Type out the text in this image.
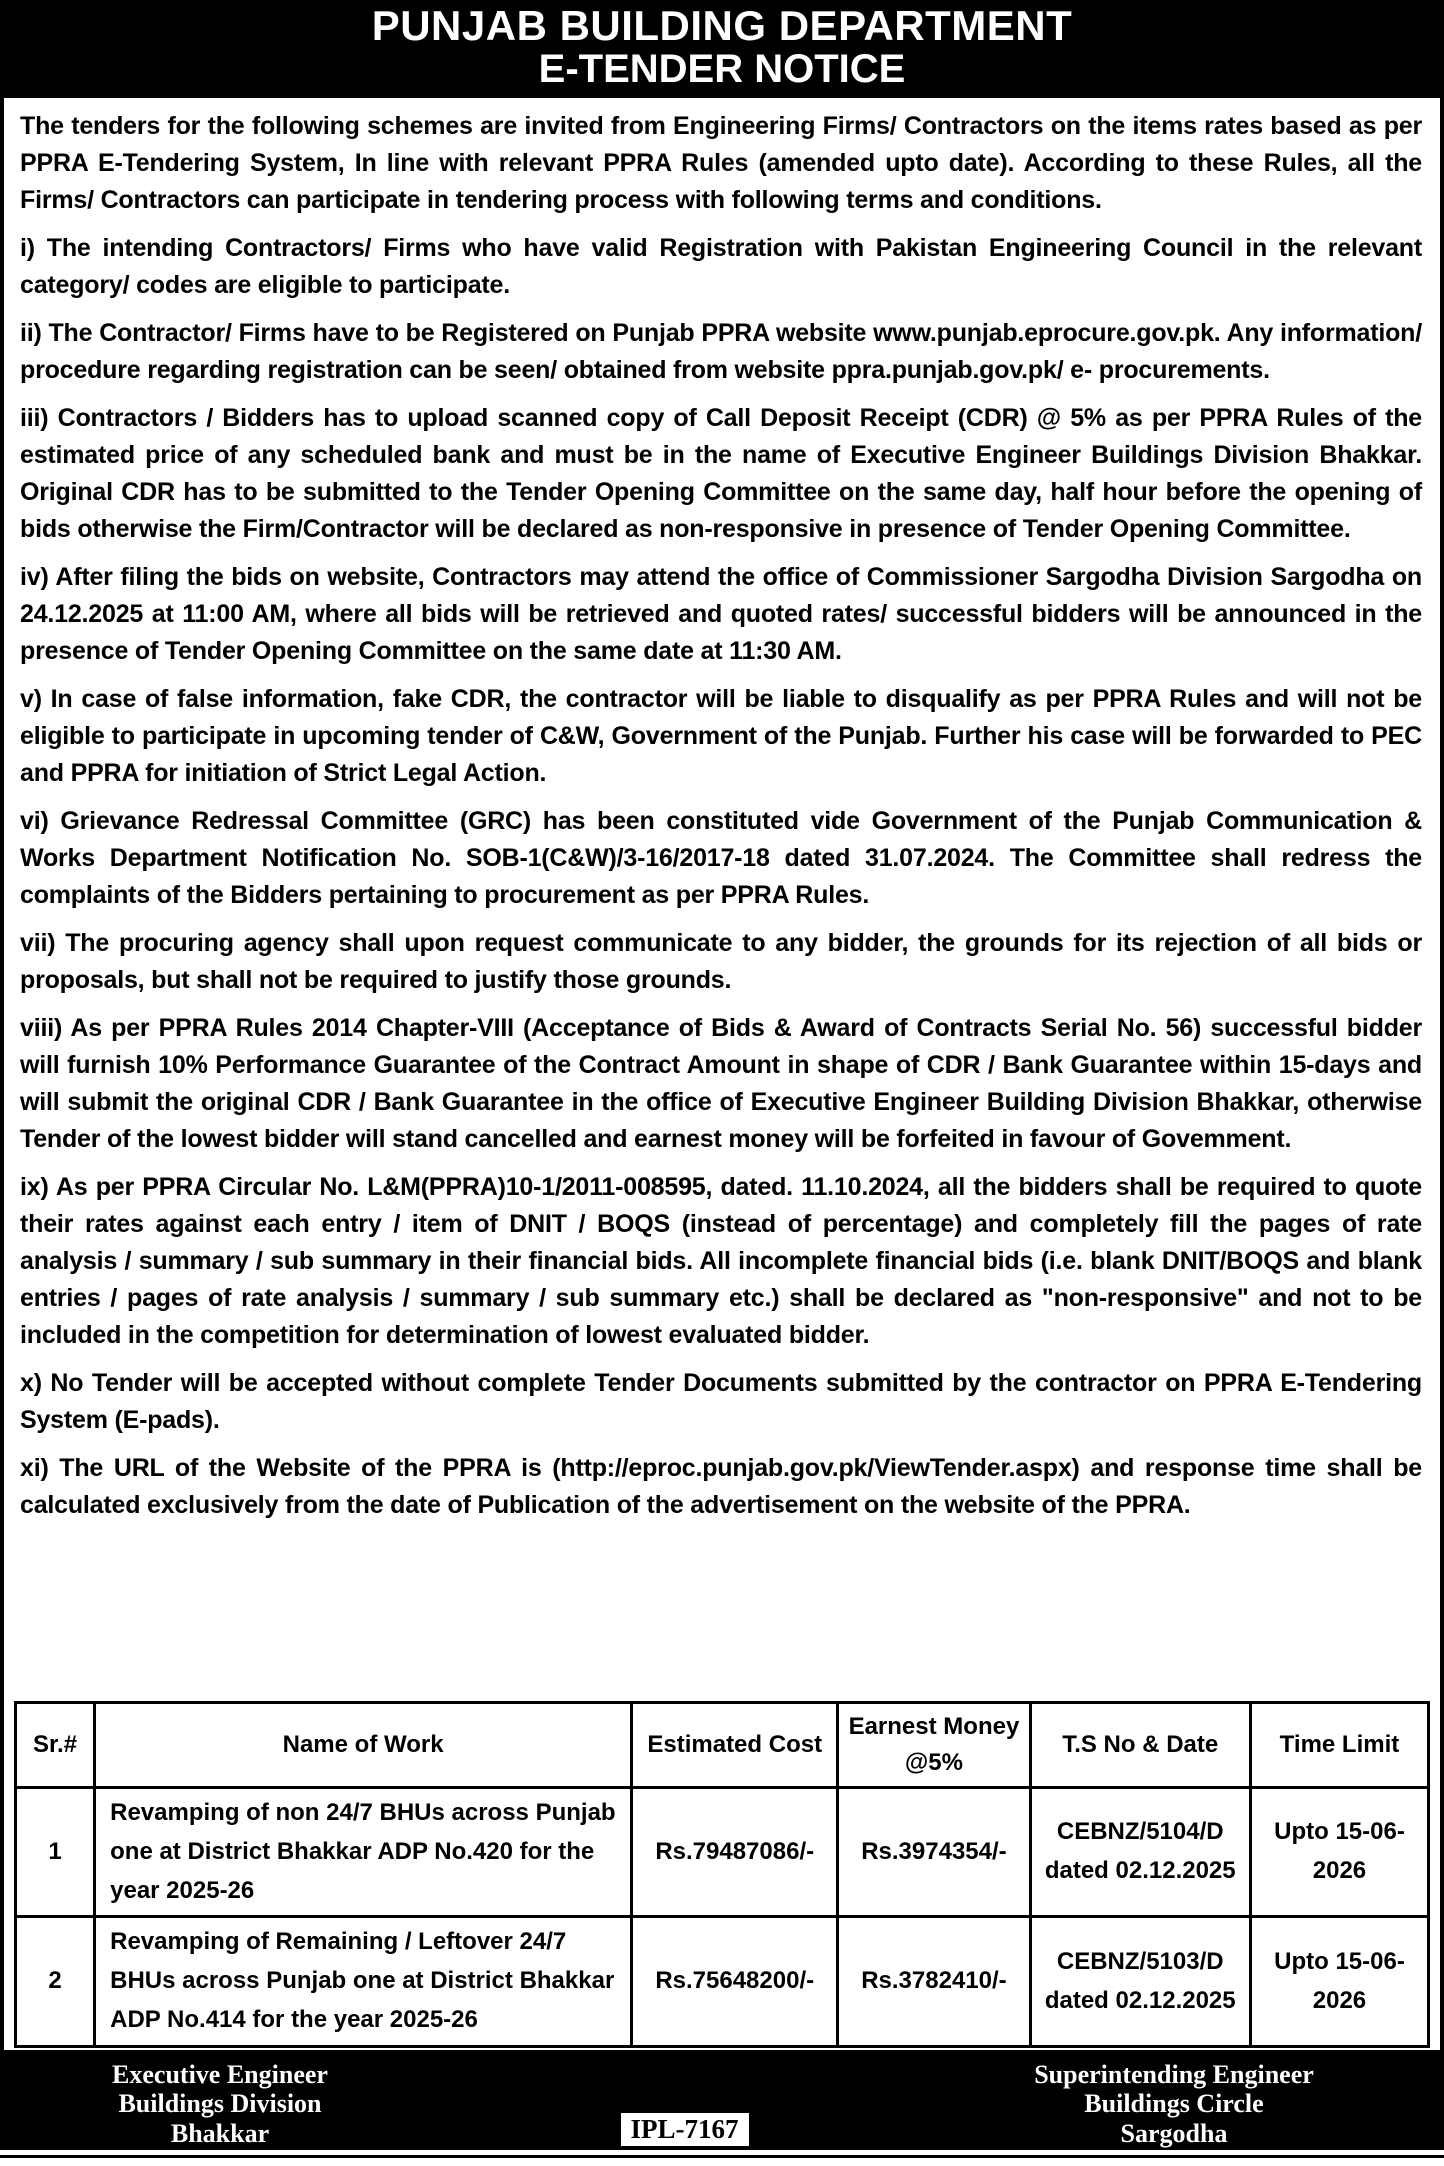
PUNJAB BUILDING DEPARTMENT
E-TENDER NOTICE

The tenders for the following schemes are invited from Engineering Firms/ Contractors on the items rates based as per PPRA E-Tendering System, In line with relevant PPRA Rules (amended upto date). According to these Rules, all the Firms/ Contractors can participate in tendering process with following terms and conditions.

i) The intending Contractors/ Firms who have valid Registration with Pakistan Engineering Council in the relevant category/ codes are eligible to participate.

ii) The Contractor/ Firms have to be Registered on Punjab PPRA website www.punjab.eprocure.gov.pk. Any information/ procedure regarding registration can be seen/ obtained from website ppra.punjab.gov.pk/ e- procurements.

iii) Contractors / Bidders has to upload scanned copy of Call Deposit Receipt (CDR) @ 5% as per PPRA Rules of the estimated price of any scheduled bank and must be in the name of Executive Engineer Buildings Division Bhakkar. Original CDR has to be submitted to the Tender Opening Committee on the same day, half hour before the opening of bids otherwise the Firm/Contractor will be declared as non-responsive in presence of Tender Opening Committee.

iv) After filing the bids on website, Contractors may attend the office of Commissioner Sargodha Division Sargodha on 24.12.2025 at 11:00 AM, where all bids will be retrieved and quoted rates/ successful bidders will be announced in the presence of Tender Opening Committee on the same date at 11:30 AM.

v) In case of false information, fake CDR, the contractor will be liable to disqualify as per PPRA Rules and will not be eligible to participate in upcoming tender of C&W, Government of the Punjab. Further his case will be forwarded to PEC and PPRA for initiation of Strict Legal Action.

vi) Grievance Redressal Committee (GRC) has been constituted vide Government of the Punjab Communication & Works Department Notification No. SOB-1(C&W)/3-16/2017-18 dated 31.07.2024. The Committee shall redress the complaints of the Bidders pertaining to procurement as per PPRA Rules.

vii) The procuring agency shall upon request communicate to any bidder, the grounds for its rejection of all bids or proposals, but shall not be required to justify those grounds.

viii) As per PPRA Rules 2014 Chapter-VIII (Acceptance of Bids & Award of Contracts Serial No. 56) successful bidder will furnish 10% Performance Guarantee of the Contract Amount in shape of CDR / Bank Guarantee within 15-days and will submit the original CDR / Bank Guarantee in the office of Executive Engineer Building Division Bhakkar, otherwise Tender of the lowest bidder will stand cancelled and earnest money will be forfeited in favour of Govemment.

ix) As per PPRA Circular No. L&M(PPRA)10-1/2011-008595, dated. 11.10.2024, all the bidders shall be required to quote their rates against each entry / item of DNIT / BOQS (instead of percentage) and completely fill the pages of rate analysis / summary / sub summary in their financial bids. All incomplete financial bids (i.e. blank DNIT/BOQS and blank entries / pages of rate analysis / summary / sub summary etc.) shall be declared as "non-responsive" and not to be included in the competition for determination of lowest evaluated bidder.

x) No Tender will be accepted without complete Tender Documents submitted by the contractor on PPRA E-Tendering System (E-pads).

xi) The URL of the Website of the PPRA is (http://eproc.punjab.gov.pk/ViewTender.aspx) and response time shall be calculated exclusively from the date of Publication of the advertisement on the website of the PPRA.

Sr.#	Name of Work	Estimated Cost	Earnest Money @5%	T.S No & Date	Time Limit
1	Revamping of non 24/7 BHUs across Punjab one at District Bhakkar ADP No.420 for the year 2025-26	Rs.79487086/-	Rs.3974354/-	CEBNZ/5104/D dated 02.12.2025	Upto 15-06-2026
2	Revamping of Remaining / Leftover 24/7 BHUs across Punjab one at District Bhakkar ADP No.414 for the year 2025-26	Rs.75648200/-	Rs.3782410/-	CEBNZ/5103/D dated 02.12.2025	Upto 15-06-2026
Executive Engineer
Buildings Division
Bhakkar	IPL-7167
Superintending Engineer
Buildings Circle
Sargodha
